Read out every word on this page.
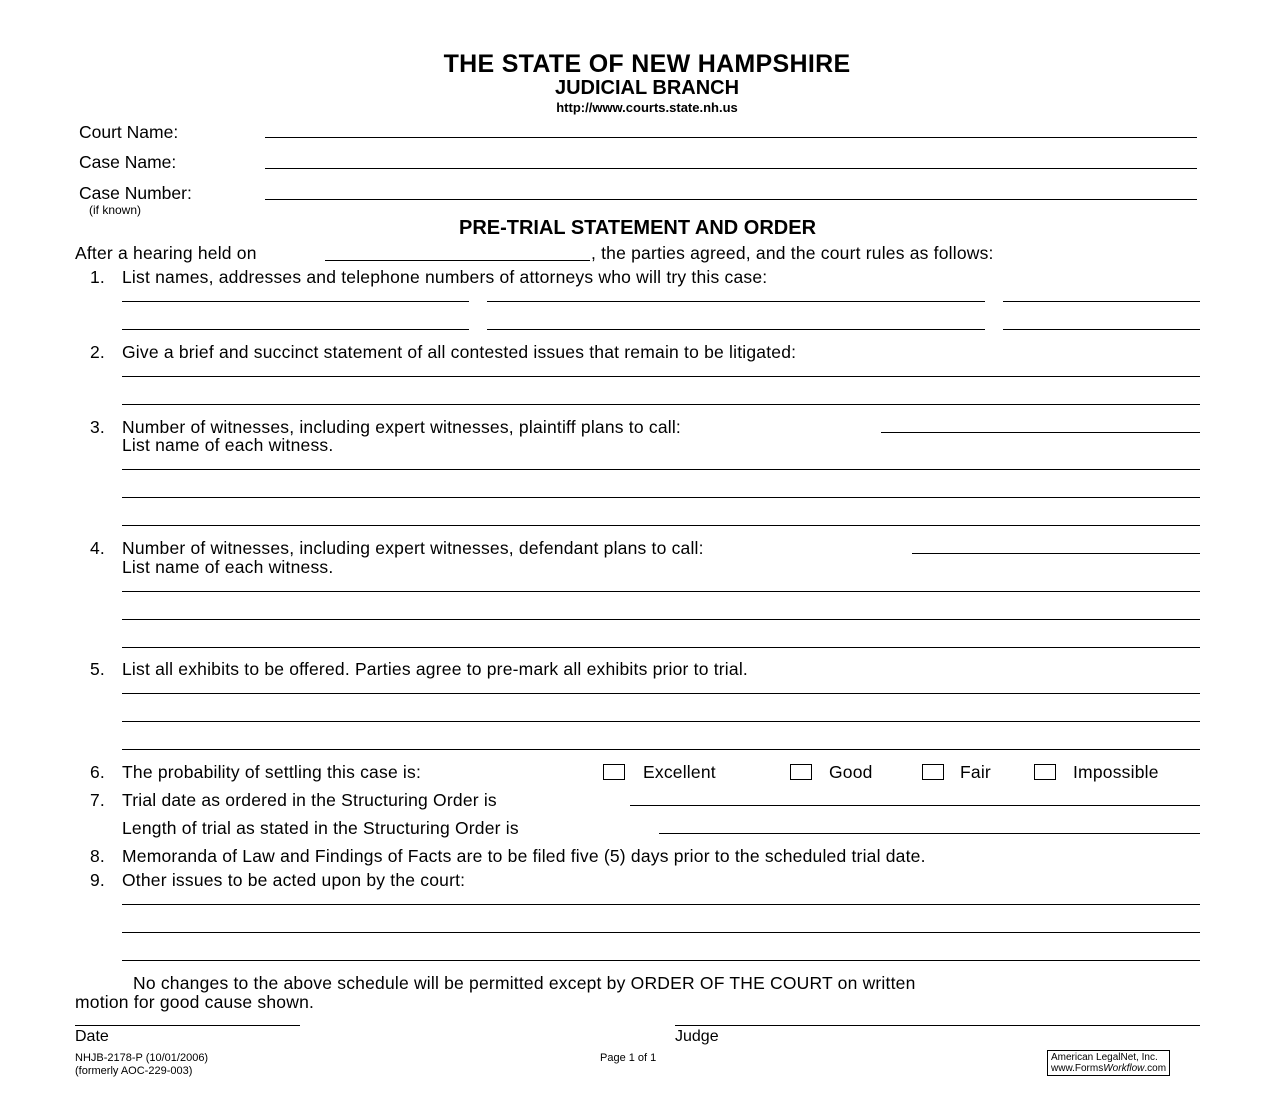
THE STATE OF NEW HAMPSHIRE
JUDICIAL BRANCH
http://www.courts.state.nh.us
Court Name:
Case Name:
Case Number:
(if known)
PRE-TRIAL STATEMENT AND ORDER
After a hearing held on	, the parties agreed, and the court rules as follows:
1. List names, addresses and telephone numbers of attorneys who will try this case:
2. Give a brief and succinct statement of all contested issues that remain to be litigated:
3. Number of witnesses, including expert witnesses, plaintiff plans to call:
List name of each witness.
4. Number of witnesses, including expert witnesses, defendant plans to call:
List name of each witness.
5. List all exhibits to be offered. Parties agree to pre-mark all exhibits prior to trial.
6. The probability of settling this case is:	Excellent	Good	Fair	Impossible
7. Trial date as ordered in the Structuring Order is
Length of trial as stated in the Structuring Order is
8. Memoranda of Law and Findings of Facts are to be filed five (5) days prior to the scheduled trial date.
9. Other issues to be acted upon by the court:
No changes to the above schedule will be permitted except by ORDER OF THE COURT on written
motion for good cause shown.
Date	Judge
NHJB-2178-P (10/01/2006)
(formerly AOC-229-003)
Page 1 of 1	American LegalNet, Inc.
www.FormsWorkflow.com
